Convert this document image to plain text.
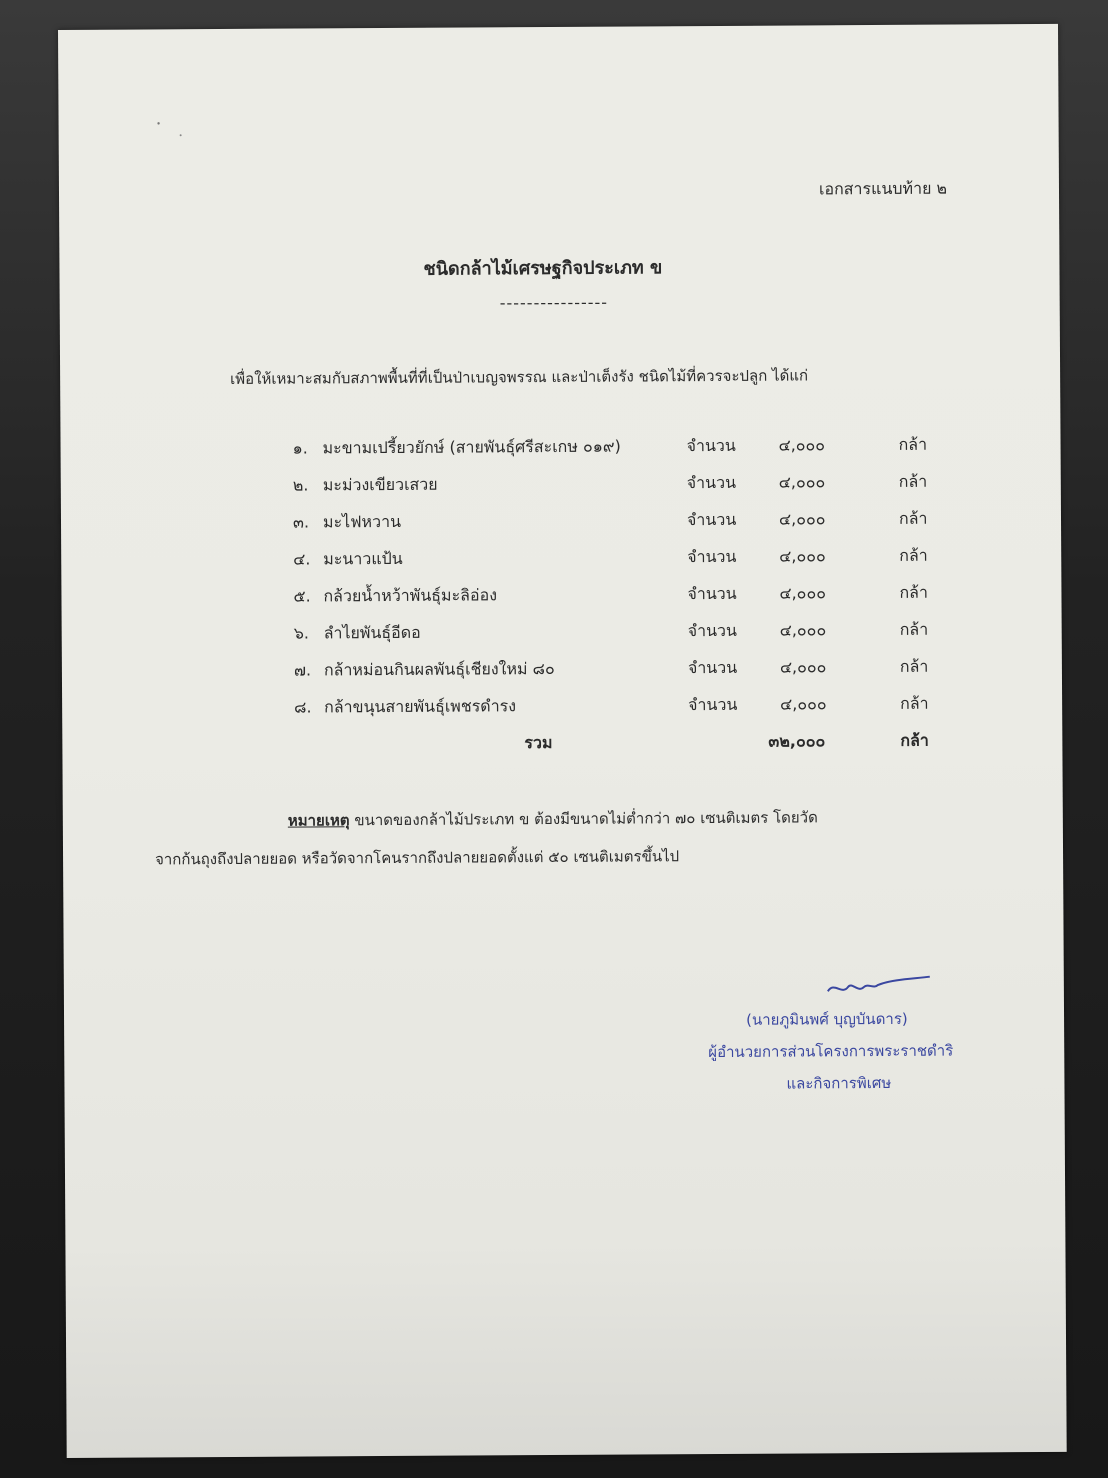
เอกสารแนบท้าย ๒
ชนิดกล้าไม้เศรษฐกิจประเภท ข
----------------
เพื่อให้เหมาะสมกับสภาพพื้นที่ที่เป็นป่าเบญจพรรณ และป่าเต็งรัง ชนิดไม้ที่ควรจะปลูก ได้แก่
๑. มะขามเปรี้ยวยักษ์ (สายพันธุ์ศรีสะเกษ ๐๑๙)	จำนวน	๔,๐๐๐	กล้า
๒. มะม่วงเขียวเสวย	จำนวน	๔,๐๐๐	กล้า
๓. มะไฟหวาน	จำนวน	๔,๐๐๐	กล้า
๔. มะนาวแป้น	จำนวน	๔,๐๐๐	กล้า
๕. กล้วยน้ำหว้าพันธุ์มะลิอ่อง	จำนวน	๔,๐๐๐	กล้า
๖. ลำไยพันธุ์อีดอ	จำนวน	๔,๐๐๐	กล้า
๗. กล้าหม่อนกินผลพันธุ์เชียงใหม่ ๘๐	จำนวน	๔,๐๐๐	กล้า
๘. กล้าขนุนสายพันธุ์เพชรดำรง	จำนวน	๔,๐๐๐	กล้า
รวม	๓๒,๐๐๐	กล้า
หมายเหตุ ขนาดของกล้าไม้ประเภท ข ต้องมีขนาดไม่ต่ำกว่า ๗๐ เซนติเมตร โดยวัด
จากก้นถุงถึงปลายยอด หรือวัดจากโคนรากถึงปลายยอดตั้งแต่ ๕๐ เซนติเมตรขึ้นไป
(นายภูมินพศ์ บุญบันดาร)
ผู้อำนวยการส่วนโครงการพระราชดำริ
และกิจการพิเศษ
